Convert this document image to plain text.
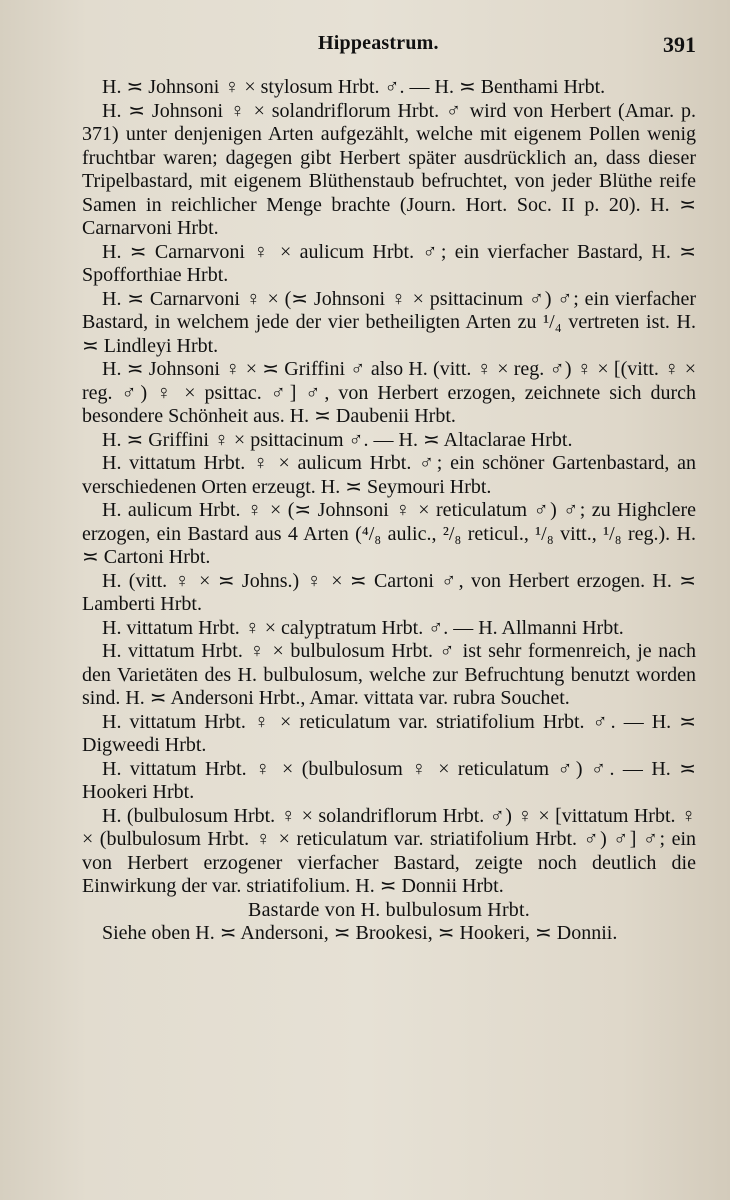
Hippeastrum.	391

H. ≍ Johnsoni ♀ × stylosum Hrbt. ♂. — H. ≍ Benthami Hrbt.

H. ≍ Johnsoni ♀ × solandriflorum Hrbt. ♂ wird von Herbert (Amar. p. 371) unter denjenigen Arten aufgezählt, welche mit eigenem Pollen wenig fruchtbar waren; dagegen gibt Herbert später ausdrücklich an, dass dieser Tripelbastard, mit eigenem Blüthenstaub befruchtet, von jeder Blüthe reife Samen in reichlicher Menge brachte (Journ. Hort. Soc. II p. 20). H. ≍ Carnarvoni Hrbt.

H. ≍ Carnarvoni ♀ × aulicum Hrbt. ♂; ein vierfacher Bastard, H. ≍ Spofforthiae Hrbt.

H. ≍ Carnarvoni ♀ × (≍ Johnsoni ♀ × psittacinum ♂) ♂; ein vierfacher Bastard, in welchem jede der vier betheiligten Arten zu ¹/₄ vertreten ist. H. ≍ Lindleyi Hrbt.

H. ≍ Johnsoni ♀ × ≍ Griffini ♂ also H. (vitt. ♀ × reg. ♂) ♀ × [(vitt. ♀ × reg. ♂) ♀ × psittac. ♂] ♂, von Herbert erzogen, zeichnete sich durch besondere Schönheit aus. H. ≍ Daubenii Hrbt.

H. ≍ Griffini ♀ × psittacinum ♂. — H. ≍ Altaclarae Hrbt.

H. vittatum Hrbt. ♀ × aulicum Hrbt. ♂; ein schöner Gartenbastard, an verschiedenen Orten erzeugt. H. ≍ Seymouri Hrbt.

H. aulicum Hrbt. ♀ × (≍ Johnsoni ♀ × reticulatum ♂) ♂; zu Highclere erzogen, ein Bastard aus 4 Arten (⁴/₈ aulic., ²/₈ reticul., ¹/₈ vitt., ¹/₈ reg.). H. ≍ Cartoni Hrbt.

H. (vitt. ♀ × ≍ Johns.) ♀ × ≍ Cartoni ♂, von Herbert erzogen. H. ≍ Lamberti Hrbt.

H. vittatum Hrbt. ♀ × calyptratum Hrbt. ♂. — H. Allmanni Hrbt.

H. vittatum Hrbt. ♀ × bulbulosum Hrbt. ♂ ist sehr formenreich, je nach den Varietäten des H. bulbulosum, welche zur Befruchtung benutzt worden sind. H. ≍ Andersoni Hrbt., Amar. vittata var. rubra Souchet.

H. vittatum Hrbt. ♀ × reticulatum var. striatifolium Hrbt. ♂. — H. ≍ Digweedi Hrbt.

H. vittatum Hrbt. ♀ × (bulbulosum ♀ × reticulatum ♂) ♂. — H. ≍ Hookeri Hrbt.

H. (bulbulosum Hrbt. ♀ × solandriflorum Hrbt. ♂) ♀ × [vittatum Hrbt. ♀ × (bulbulosum Hrbt. ♀ × reticulatum var. striatifolium Hrbt. ♂) ♂] ♂; ein von Herbert erzogener vierfacher Bastard, zeigte noch deutlich die Einwirkung der var. striatifolium. H. ≍ Donnii Hrbt.

Bastarde von H. bulbulosum Hrbt.

Siehe oben H. ≍ Andersoni, ≍ Brookesi, ≍ Hookeri, ≍ Donnii.
